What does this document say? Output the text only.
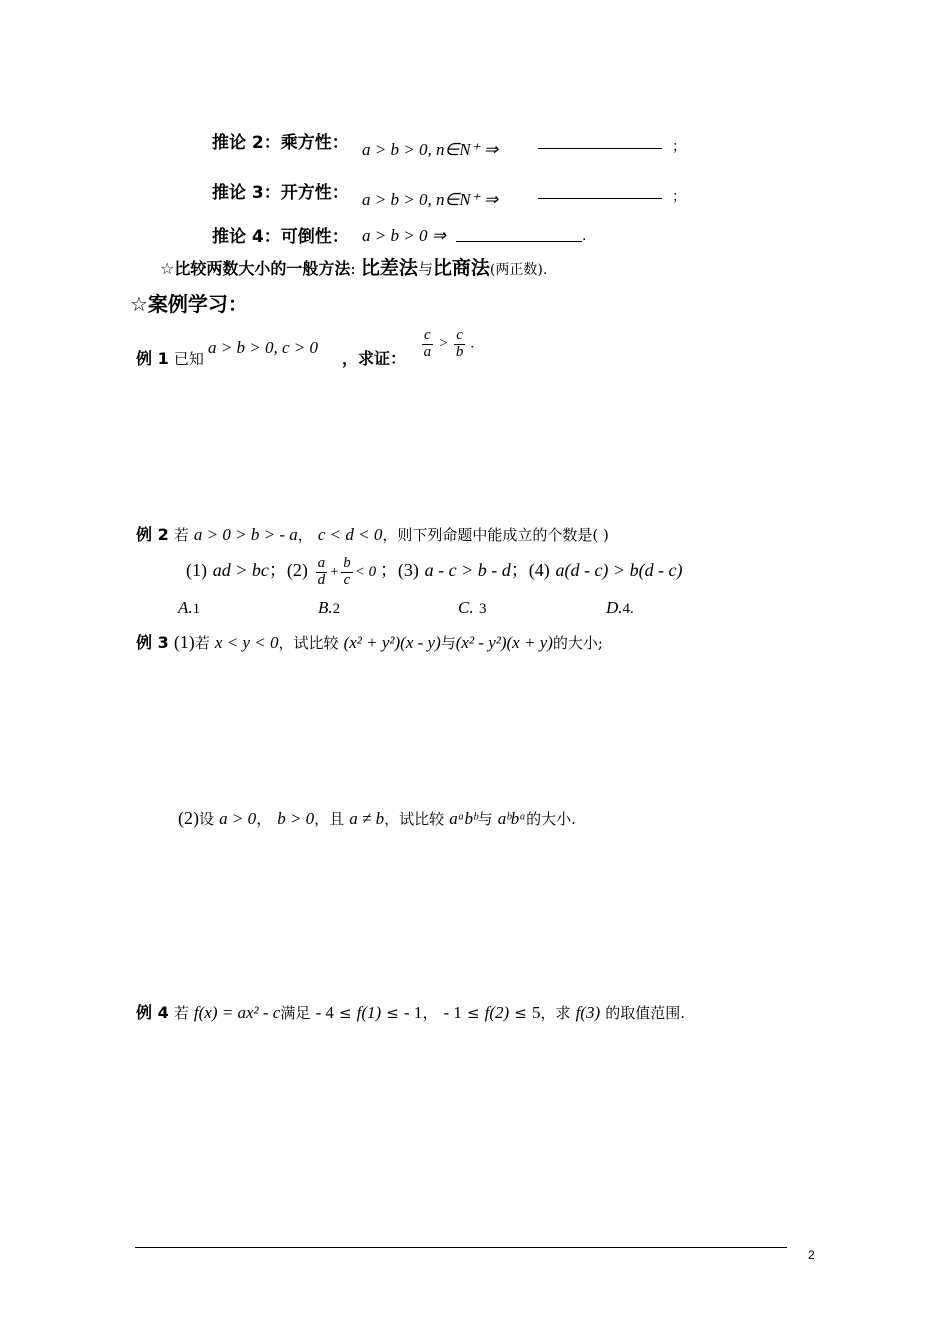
推论 2：乘方性： a > b > 0, n∈N⁺ ⇒	；
推论 3：开方性： a > b > 0, n∈N⁺ ⇒	；
推论 4：可倒性： a > b > 0 ⇒	.
☆比较两数大小的一般方法: 比差法与比商法(两正数).
☆案例学习：
例 1 已知
a > b > 0, c > 0
，求证： $\frac{c}{a} > \frac{c}{b}$ .
例 2 若 a > 0 > b > - a， c < d < 0，则下列命题中能成立的个数是( )
(1) ad > bc；$(2) \frac{a}{d} + \frac{b}{c} < 0$ ；(3) a - c > b - d；(4) a(d - c) > b(d - c)
A.1	B.2	C. 3	D.4.
例 3 (1)若 x < y < 0，试比较 (x² + y²)(x - y)与(x² - y²)(x + y)的大小;
(2)设 a > 0， b > 0，且 a ≠ b，试比较 aᵃbᵇ与 aᵇbᵃ的大小.
例 4 若 f(x) = ax² - c满足 - 4 ≤ f(1) ≤ - 1， - 1 ≤ f(2) ≤ 5，求 f(3) 的取值范围.
2
